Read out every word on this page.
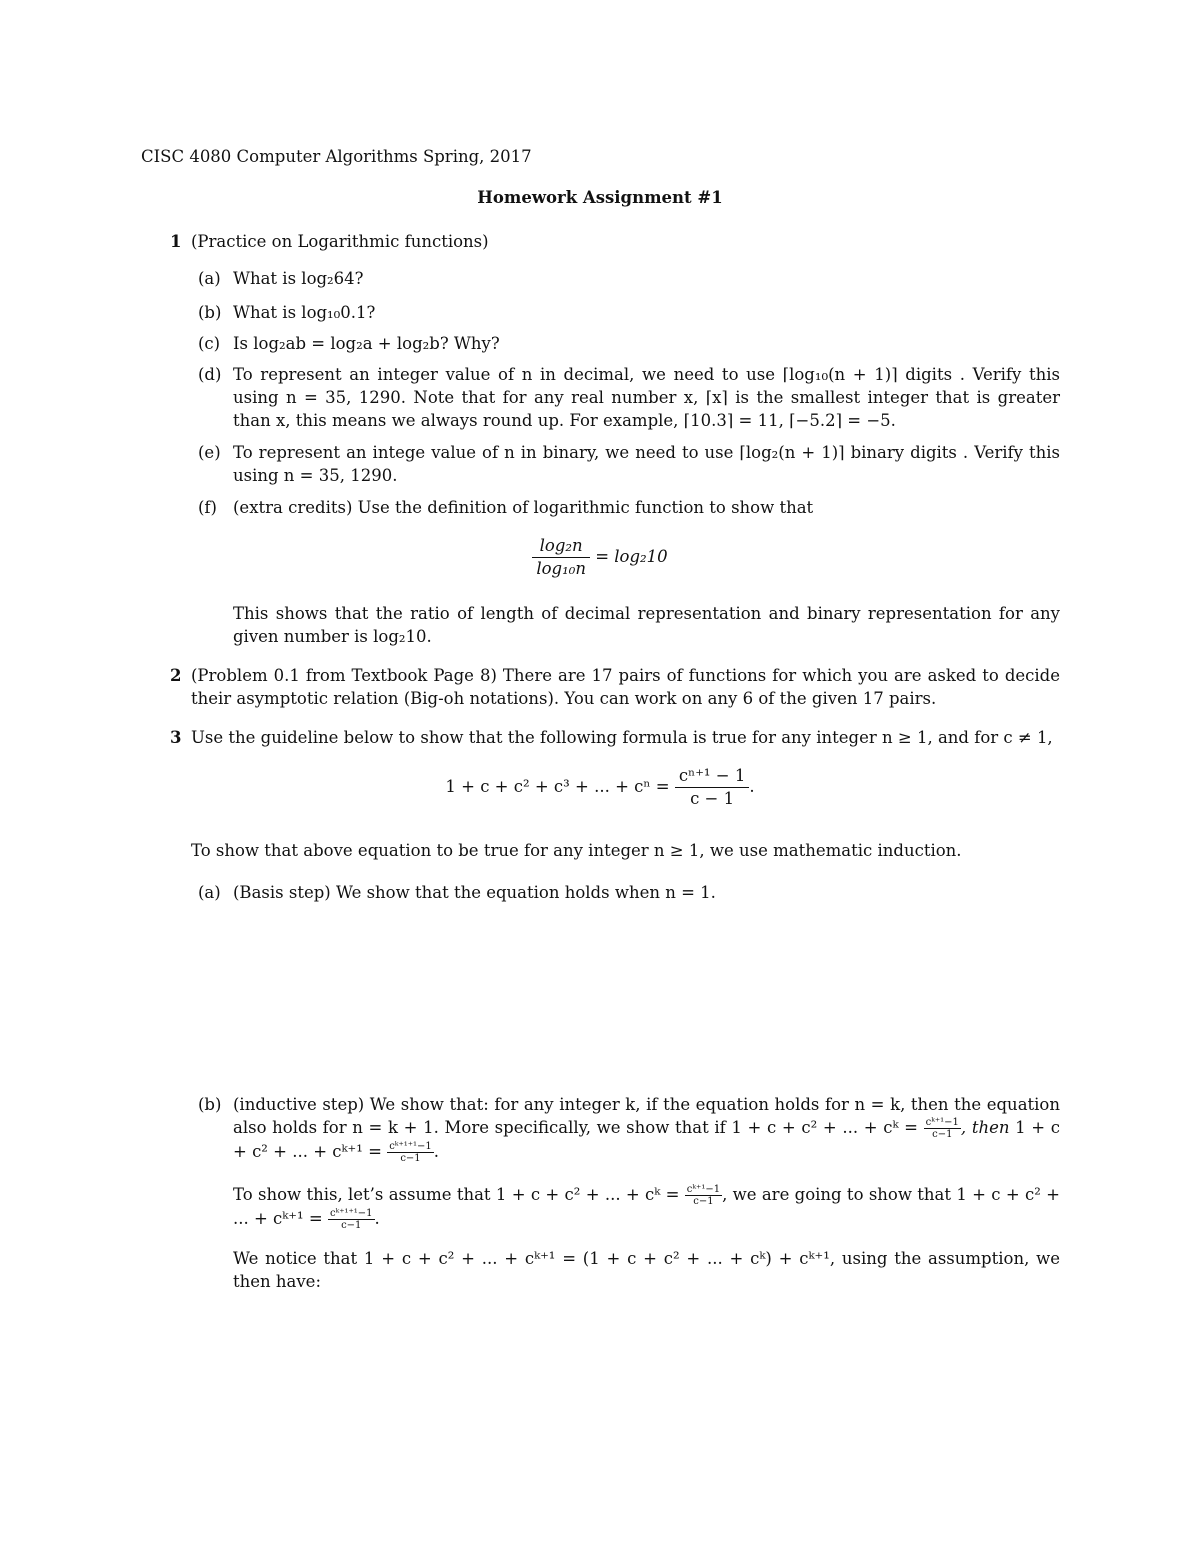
CISC 4080 Computer Algorithms Spring, 2017
Homework Assignment #1
1 (Practice on Logarithmic functions)
(a) What is log₂64?
(b) What is log₁₀0.1?
(c) Is log₂ab = log₂a + log₂b? Why?
(d) To represent an integer value of n in decimal, we need to use ⌈log₁₀(n + 1)⌉ digits . Verify this using n = 35, 1290. Note that for any real number x, ⌈x⌉ is the smallest integer that is greater than x, this means we always round up. For example, ⌈10.3⌉ = 11, ⌈−5.2⌉ = −5.
(e) To represent an intege value of n in binary, we need to use ⌈log₂(n + 1)⌉ binary digits . Verify this using n = 35, 1290.
(f) (extra credits) Use the definition of logarithmic function to show that
$\frac{\text{log₂n}}{\text{log₁₀n}} = \log_210$
This shows that the ratio of length of decimal representation and binary representation for any given number is log₂10.
2 (Problem 0.1 from Textbook Page 8) There are 17 pairs of functions for which you are asked to decide their asymptotic relation (Big-oh notations). You can work on any 6 of the given 17 pairs.
3 Use the guideline below to show that the following formula is true for any integer n ≥ 1, and for c ≠ 1,
1 + c + c² + c³ + ... + $c^n = \frac{\text{cⁿ⁺¹ − 1}}{c - 1}$ .
To show that above equation to be true for any integer n ≥ 1, we use mathematic induction.
(a) (Basis step) We show that the equation holds when n = 1.
(b) (inductive step) We show that: for any integer k, if the equation holds for n = k, then the equation also holds for n = k + 1. More specifically, we show that if 1 + c + c² + ... + cᵏ = $\frac{\text{cᵏ⁺¹−1}}{c-1}$ , then 1 + c + c² + ... + cᵏ⁺¹ = $\frac{\text{cᵏ⁺¹⁺¹−1}}{c-1}$ .
To show this, let’s assume that 1 + c + c² + ... + cᵏ = $\frac{\text{cᵏ⁺¹−1}}{c-1}$ , we are going to show that 1 + c + c² + ... + cᵏ⁺¹ = $\frac{\text{cᵏ⁺¹⁺¹−1}}{c-1}$ .
We notice that 1 + c + c² + ... + cᵏ⁺¹ = (1 + c + c² + ... + cᵏ) + cᵏ⁺¹, using the assumption, we then have:
